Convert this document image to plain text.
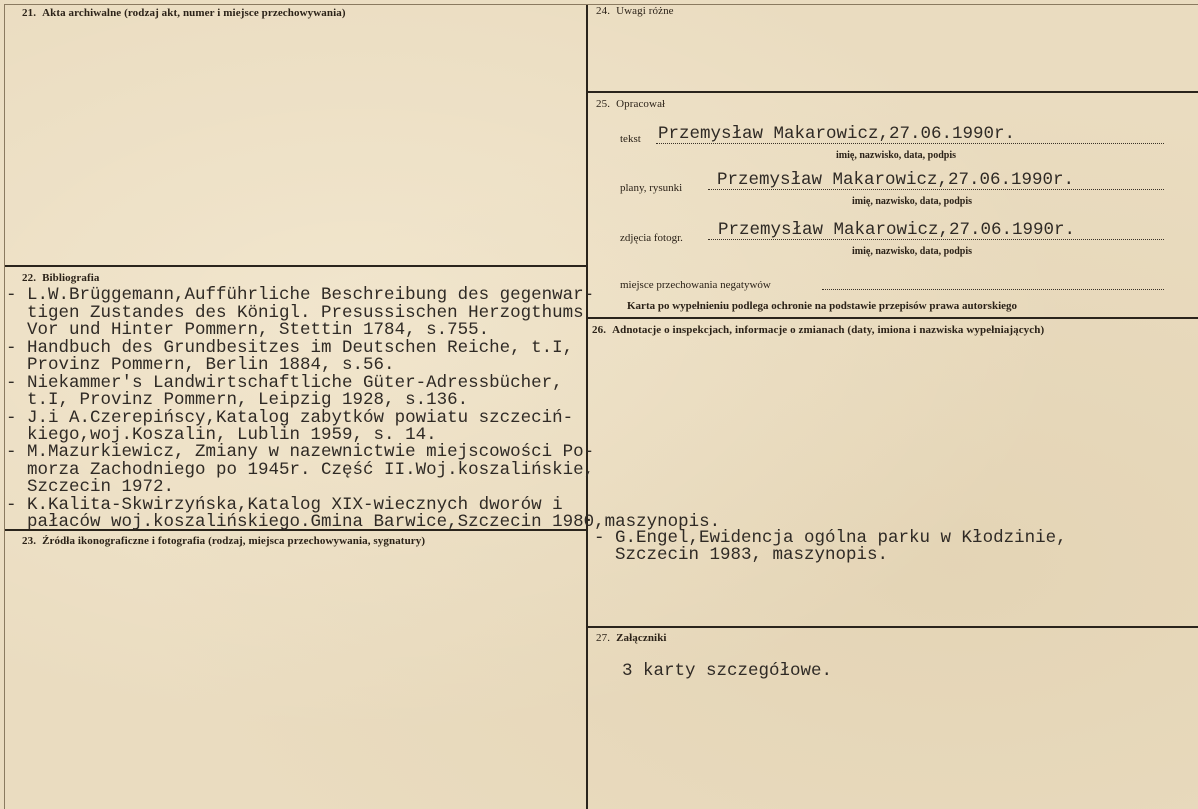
21. Akta archiwalne (rodzaj akt, numer i miejsce przechowywania)
22. Bibliografia
- L.W.Brüggemann,Aufführliche Beschreibung des gegenwar-
tigen Zustandes des Königl. Presussischen Herzogthums
Vor und Hinter Pommern, Stettin 1784, s.755.
- Handbuch des Grundbesitzes im Deutschen Reiche, t.I,
Provinz Pommern, Berlin 1884, s.56.
- Niekammer's Landwirtschaftliche Güter-Adressbücher,
t.I, Provinz Pommern, Leipzig 1928, s.136.
- J.i A.Czerepińscy,Katalog zabytków powiatu szczeciń-
kiego,woj.Koszalin, Lublin 1959, s. 14.
- M.Mazurkiewicz, Zmiany w nazewnictwie miejscowości Po-
morza Zachodniego po 1945r. Część II.Woj.koszalińskie,
Szczecin 1972.
- K.Kalita-Skwirzyńska,Katalog XIX-wiecznych dworów i
pałaców woj.koszalińskiego.Gmina Barwice,Szczecin 1980,maszynopis.
23. Źródła ikonograficzne i fotografia (rodzaj, miejsca przechowywania, sygnatury)
24. Uwagi różne
25. Opracował
tekst Przemysław Makarowicz,27.06.1990r.
imię, nazwisko, data, podpis
plany, rysunki Przemysław Makarowicz,27.06.1990r.
imię, nazwisko, data, podpis
zdjęcia fotogr. Przemysław Makarowicz,27.06.1990r.
imię, nazwisko, data, podpis
miejsce przechowania negatywów
Karta po wypełnieniu podlega ochronie na podstawie przepisów prawa autorskiego
26. Adnotacje o inspekcjach, informacje o zmianach (daty, imiona i nazwiska wypełniających)
- G.Engel,Ewidencja ogólna parku w Kłodzinie,
Szczecin 1983, maszynopis.
27. Załączniki
3 karty szczegółowe.
